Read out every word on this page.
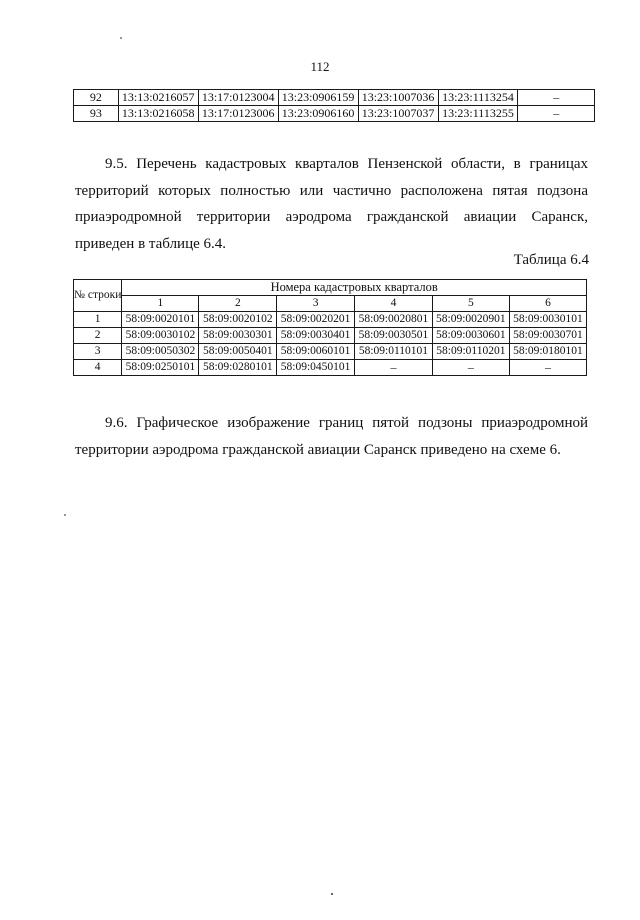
112
92	13:13:0216057	13:17:0123004	13:23:0906159	13:23:1007036	13:23:1113254	–
93	13:13:0216058	13:17:0123006	13:23:0906160	13:23:1007037	13:23:1113255	–

9.5. Перечень кадастровых кварталов Пензенской области, в границах территорий которых полностью или частично расположена пятая подзона приаэродромной территории аэродрома гражданской авиации Саранск, приведен в таблице 6.4.

Таблица 6.4
№ строки	Номера кадастровых кварталов					
	1	2	3	4	5	6
1	58:09:0020101	58:09:0020102	58:09:0020201	58:09:0020801	58:09:0020901	58:09:0030101
2	58:09:0030102	58:09:0030301	58:09:0030401	58:09:0030501	58:09:0030601	58:09:0030701
3	58:09:0050302	58:09:0050401	58:09:0060101	58:09:0110101	58:09:0110201	58:09:0180101
4	58:09:0250101	58:09:0280101	58:09:0450101	–	–	–

9.6. Графическое изображение границ пятой подзоны приаэродромной территории аэродрома гражданской авиации Саранск приведено на схеме 6.
